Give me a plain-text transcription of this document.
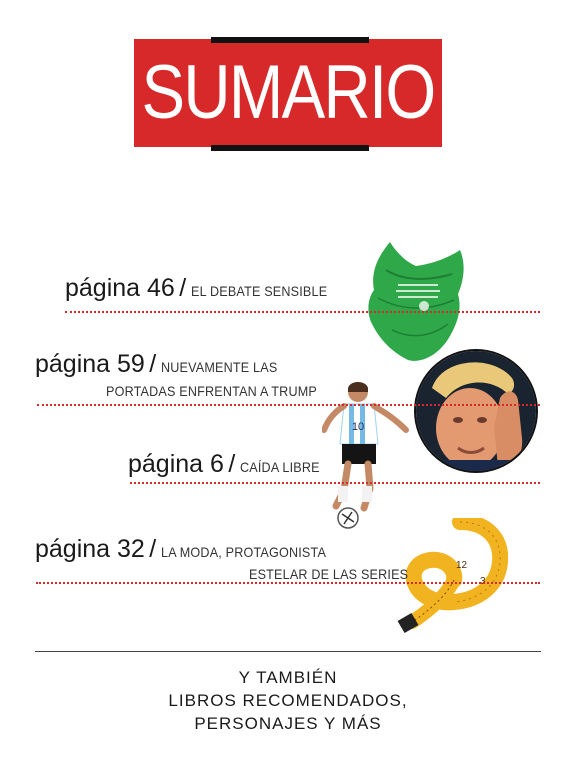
SUMARIO
10
12
3
página 46 / EL DEBATE SENSIBLE
página 59 / NUEVAMENTE LAS
PORTADAS ENFRENTAN A TRUMP
página 6 / CAÍDA LIBRE
página 32 / LA MODA, PROTAGONISTA
ESTELAR DE LAS SERIES
Y TAMBIÉN
LIBROS RECOMENDADOS,
PERSONAJES Y MÁS
